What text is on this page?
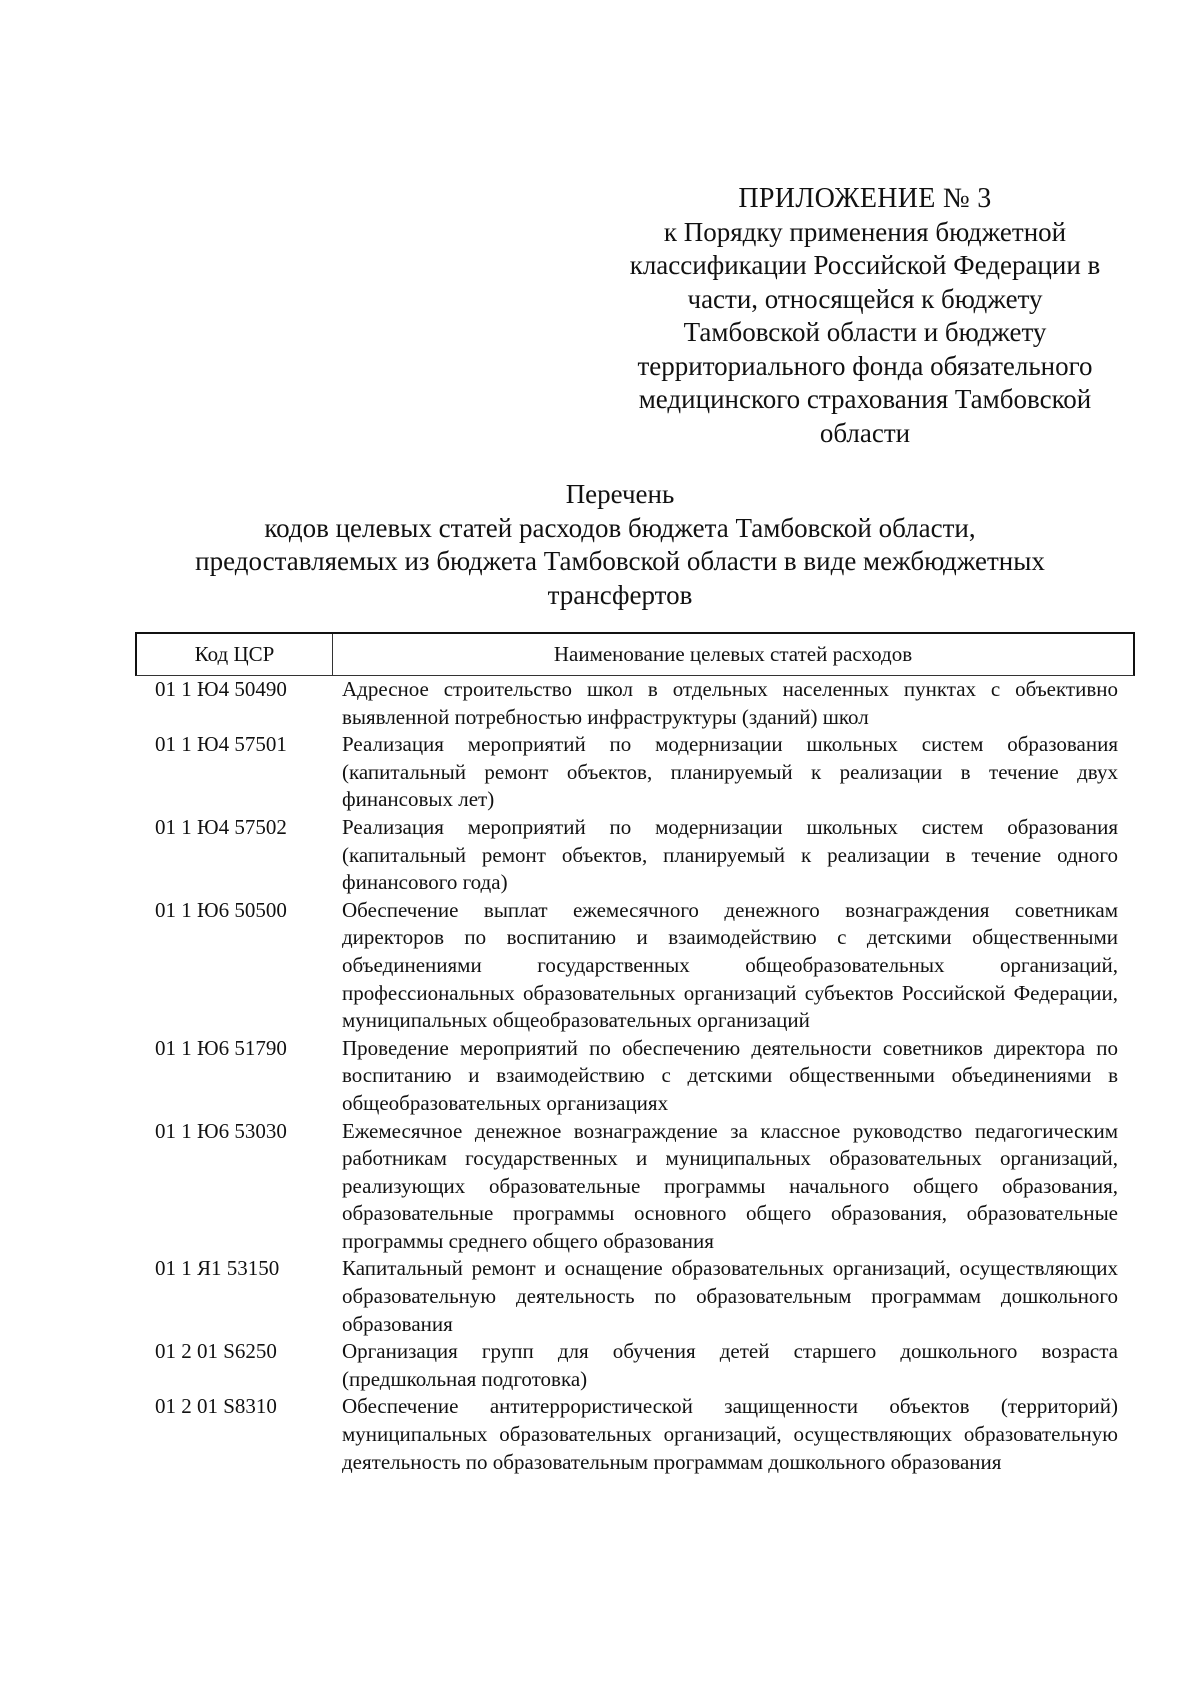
ПРИЛОЖЕНИЕ № 3
к Порядку применения бюджетной
классификации Российской Федерации в
части, относящейся к бюджету
Тамбовской области и бюджету
территориального фонда обязательного
медицинского страхования Тамбовской
области
Перечень
кодов целевых статей расходов бюджета Тамбовской области,
предоставляемых из бюджета Тамбовской области в виде межбюджетных
трансфертов
Код ЦСР	Наименование целевых статей расходов
01 1 Ю4 50490	Адресное строительство школ в отдельных населенных пунктах с объективно выявленной потребностью инфраструктуры (зданий) школ
01 1 Ю4 57501	Реализация мероприятий по модернизации школьных систем образования (капитальный ремонт объектов, планируемый к реализации в течение двух финансовых лет)
01 1 Ю4 57502	Реализация мероприятий по модернизации школьных систем образования (капитальный ремонт объектов, планируемый к реализации в течение одного финансового года)
01 1 Ю6 50500	Обеспечение выплат ежемесячного денежного вознаграждения советникам директоров по воспитанию и взаимодействию с детскими общественными объединениями государственных общеобразовательных организаций, профессиональных образовательных организаций субъектов Российской Федерации, муниципальных общеобразовательных организаций
01 1 Ю6 51790	Проведение мероприятий по обеспечению деятельности советников директора по воспитанию и взаимодействию с детскими общественными объединениями в общеобразовательных организациях
01 1 Ю6 53030	Ежемесячное денежное вознаграждение за классное руководство педагогическим работникам государственных и муниципальных образовательных организаций, реализующих образовательные программы начального общего образования, образовательные программы основного общего образования, образовательные программы среднего общего образования
01 1 Я1 53150	Капитальный ремонт и оснащение образовательных организаций, осуществляющих образовательную деятельность по образовательным программам дошкольного образования
01 2 01 S6250	Организация групп для обучения детей старшего дошкольного возраста (предшкольная подготовка)
01 2 01 S8310	Обеспечение антитеррористической защищенности объектов (территорий) муниципальных образовательных организаций, осуществляющих образовательную деятельность по образовательным программам дошкольного образования
